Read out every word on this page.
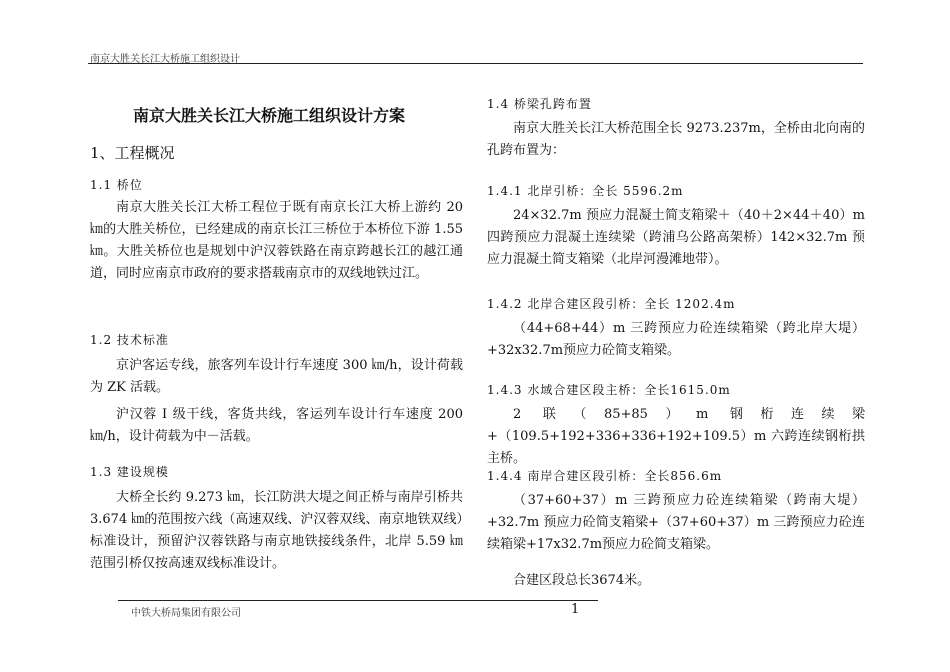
南京大胜关长江大桥施工组织设计
南京大胜关长江大桥施工组织设计方案
1、工程概况
1.1 桥位
南京大胜关长江大桥工程位于既有南京长江大桥上游约 20 ㎞的大胜关桥位，已经建成的南京长江三桥位于本桥位下游 1.55 ㎞。大胜关桥位也是规划中沪汉蓉铁路在南京跨越长江的越江通道，同时应南京市政府的要求搭载南京市的双线地铁过江。
1.2 技术标准
京沪客运专线，旅客列车设计行车速度 300 ㎞/h，设计荷载为 ZK 活载。
沪汉蓉 Ⅰ 级干线，客货共线，客运列车设计行车速度 200 ㎞/h，设计荷载为中－活载。
1.3 建设规模
大桥全长约 9.273 ㎞，长江防洪大堤之间正桥与南岸引桥共 3.674 ㎞的范围按六线（高速双线、沪汉蓉双线、南京地铁双线）标准设计，预留沪汉蓉铁路与南京地铁接线条件，北岸 5.59 ㎞范围引桥仅按高速双线标准设计。
1.4 桥梁孔跨布置
南京大胜关长江大桥范围全长 9273.237m，全桥由北向南的孔跨布置为：
1.4.1 北岸引桥：全长 5596.2m
24×32.7m 预应力混凝土简支箱梁＋（40＋2×44＋40）m 四跨预应力混凝土连续梁（跨浦乌公路高架桥）142×32.7m 预应力混凝土简支箱梁（北岸河漫滩地带）。
1.4.2 北岸合建区段引桥：全长 1202.4m
（44+68+44）m 三跨预应力砼连续箱梁（跨北岸大堤）+32x32.7m预应力砼简支箱梁。
1.4.3 水域合建区段主桥：全长1615.0m
2 联（85+85）m 钢桁连续梁+（109.5+192+336+336+192+109.5）m 六跨连续钢桁拱主桥。
1.4.4 南岸合建区段引桥：全长856.6m
（37+60+37）m 三跨预应力砼连续箱梁（跨南大堤）+32.7m 预应力砼简支箱梁+（37+60+37）m 三跨预应力砼连续箱梁+17x32.7m预应力砼简支箱梁。
合建区段总长3674米。
中铁大桥局集团有限公司	1
